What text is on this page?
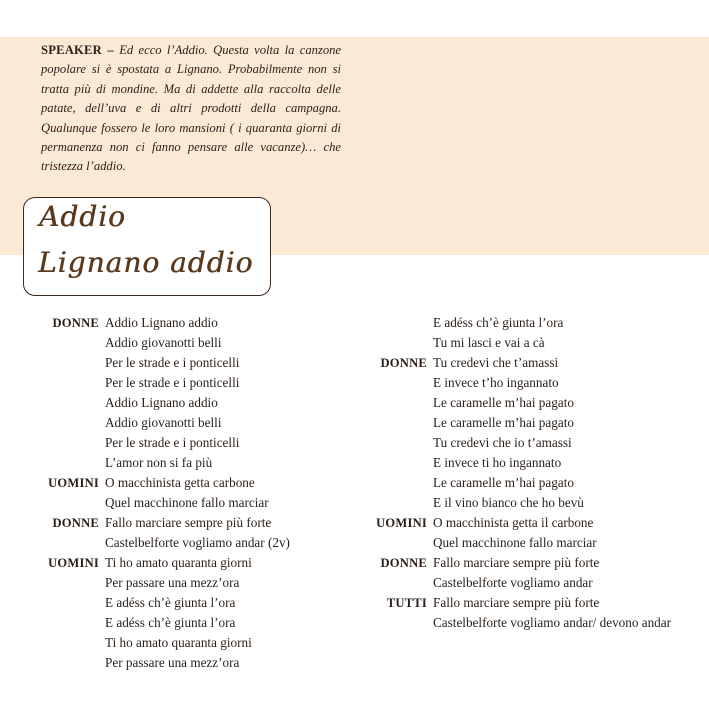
SPEAKER – Ed ecco l’Addio. Questa volta la canzone popolare si è spostata a Lignano. Probabilmente non si tratta più di mondine. Ma di addette alla raccolta delle patate, dell’uva e di altri prodotti della campagna. Qualunque fossero le loro mansioni ( i quaranta giorni di permanenza non ci fanno pensare alle vacanze)… che tristezza l’addio.
Addio
Lignano addio
DONNE Addio Lignano addio
Addio giovanotti belli
Per le strade e i ponticelli
Per le strade e i ponticelli
Addio Lignano addio
Addio giovanotti belli
Per le strade e i ponticelli
L’amor non si fa più
UOMINI O macchinista getta carbone
Quel macchinone fallo marciar
DONNE Fallo marciare sempre più forte
Castelbelforte vogliamo andar (2v)
UOMINI Ti ho amato quaranta giorni
Per passare una mezz’ora
E adéss ch’è giunta l’ora
E adéss ch’è giunta l’ora
Ti ho amato quaranta giorni
Per passare una mezz’ora
E adéss ch’è giunta l’ora
Tu mi lasci e vai a cà
DONNE Tu credevi che t’amassi
E invece t’ho ingannato
Le caramelle m’hai pagato
Le caramelle m’hai pagato
Tu credevi che io t’amassi
E invece ti ho ingannato
Le caramelle m’hai pagato
E il vino bianco che ho bevù
UOMINI O macchinista getta il carbone
Quel macchinone fallo marciar
DONNE Fallo marciare sempre più forte
Castelbelforte vogliamo andar
TUTTI Fallo marciare sempre più forte
Castelbelforte vogliamo andar/ devono andar
